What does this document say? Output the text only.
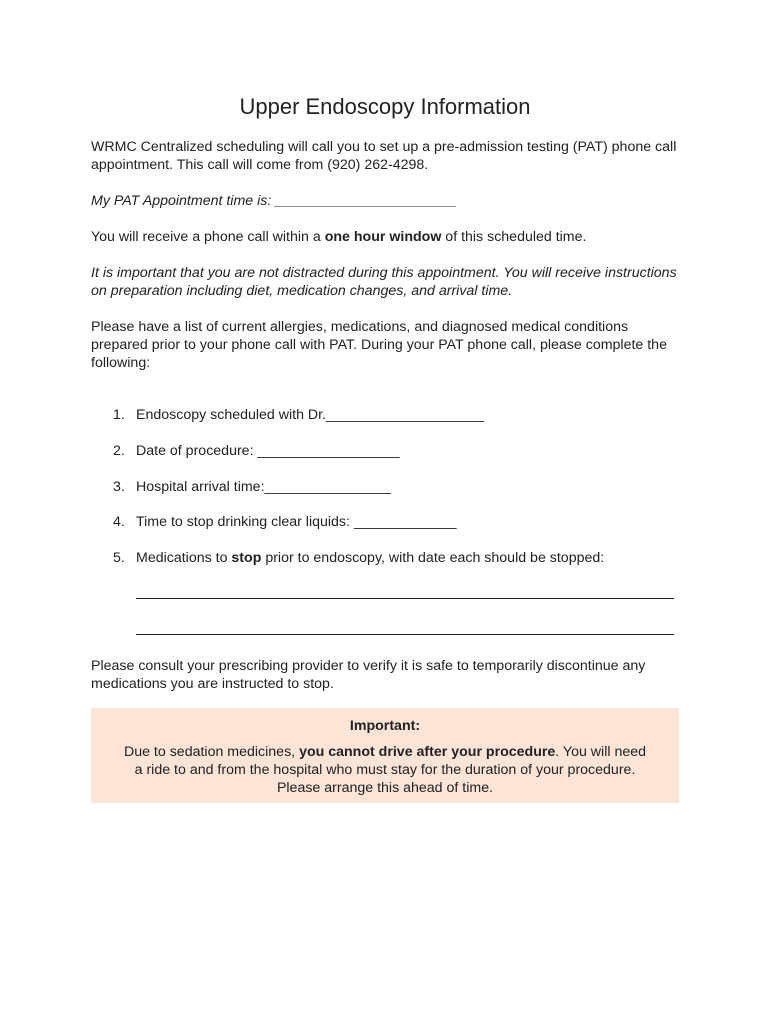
Upper Endoscopy Information

WRMC Centralized scheduling will call you to set up a pre-admission testing (PAT) phone call appointment. This call will come from (920) 262-4298.

My PAT Appointment time is: _______________________

You will receive a phone call within a one hour window of this scheduled time.

It is important that you are not distracted during this appointment. You will receive instructions on preparation including diet, medication changes, and arrival time.

Please have a list of current allergies, medications, and diagnosed medical conditions prepared prior to your phone call with PAT. During your PAT phone call, please complete the following:

1. Endoscopy scheduled with Dr.____________________
2. Date of procedure: __________________
3. Hospital arrival time:________________
4. Time to stop drinking clear liquids: _____________
5. Medications to stop prior to endoscopy, with date each should be stopped:

Please consult your prescribing provider to verify it is safe to temporarily discontinue any medications you are instructed to stop.

Important:

Due to sedation medicines, you cannot drive after your procedure. You will need a ride to and from the hospital who must stay for the duration of your procedure. Please arrange this ahead of time.
